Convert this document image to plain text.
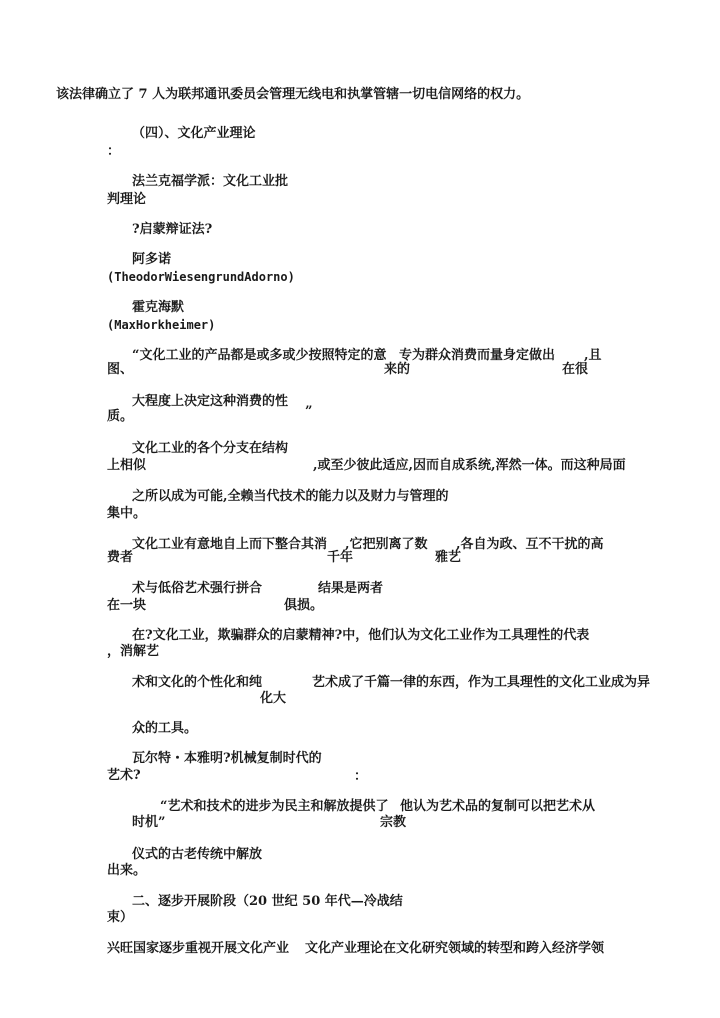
该法律确立了 7 人为联邦通讯委员会管理无线电和执掌管辖一切电信网络的权力。
（四）、文化产业理论
：
法兰克福学派：文化工业批
判理论
?启蒙辩证法?
阿多诺
(TheodorWiesengrundAdorno)
霍克海默
(MaxHorkheimer)
“文化工业的产品都是或多或少按照特定的意 专为群众消费而量身定做出 ,且
图、	来的	在很
大程度上决定这种消费的性
质。	”
文化工业的各个分支在结构
上相似	,或至少彼此适应,因而自成系统,浑然一体。而这种局面
之所以成为可能,全赖当代技术的能力以及财力与管理的
集中。
文化工业有意地自上而下整合其消 ,它把别离了数 ,各自为政、互不干扰的高
费者	千年	雅艺
术与低俗艺术强行拼合	结果是两者
在一块	俱损。
在?文化工业，欺骗群众的启蒙精神?中，他们认为文化工业作为工具理性的代表
，消解艺
术和文化的个性化和纯	艺术成了千篇一律的东西，作为工具理性的文化工业成为异
化大
众的工具。
瓦尔特・本雅明?机械复制时代的
艺术?	：
“艺术和技术的进步为民主和解放提供了 他认为艺术品的复制可以把艺术从
时机”	宗教
仪式的古老传统中解放
出来。
二、逐步开展阶段（20 世纪 50 年代—冷战结
束）
兴旺国家逐步重视开展文化产业 文化产业理论在文化研究领域的转型和跨入经济学领
